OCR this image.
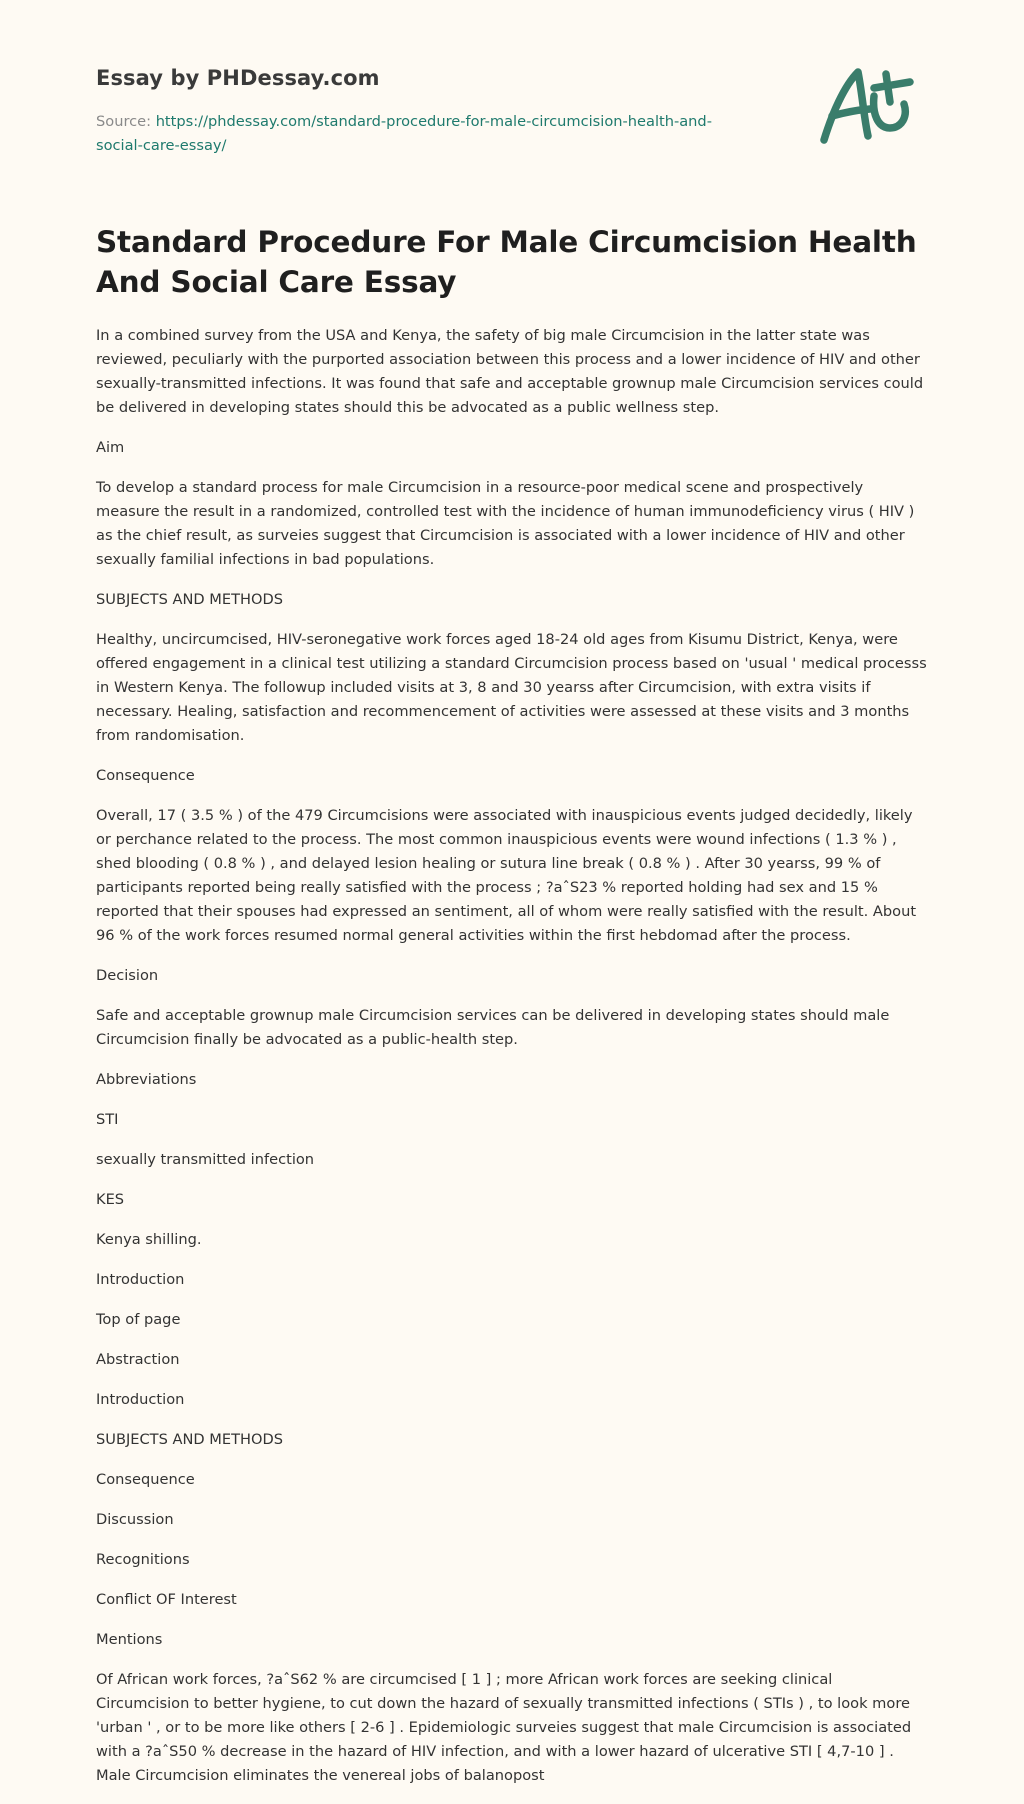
Essay by PHDessay.com
Source: https://phdessay.com/standard-procedure-for-male-circumcision-health-and-social-care-essay/
Standard Procedure For Male Circumcision Health And Social Care Essay

In a combined survey from the USA and Kenya, the safety of big male Circumcision in the latter state was reviewed, peculiarly with the purported association between this process and a lower incidence of HIV and other sexually-transmitted infections. It was found that safe and acceptable grownup male Circumcision services could be delivered in developing states should this be advocated as a public wellness step.

Aim

To develop a standard process for male Circumcision in a resource-poor medical scene and prospectively measure the result in a randomized, controlled test with the incidence of human immunodeficiency virus ( HIV ) as the chief result, as surveies suggest that Circumcision is associated with a lower incidence of HIV and other sexually familial infections in bad populations.

SUBJECTS AND METHODS

Healthy, uncircumcised, HIV-seronegative work forces aged 18-24 old ages from Kisumu District, Kenya, were offered engagement in a clinical test utilizing a standard Circumcision process based on 'usual ' medical processs in Western Kenya. The followup included visits at 3, 8 and 30 yearss after Circumcision, with extra visits if necessary. Healing, satisfaction and recommencement of activities were assessed at these visits and 3 months from randomisation.

Consequence

Overall, 17 ( 3.5 % ) of the 479 Circumcisions were associated with inauspicious events judged decidedly, likely or perchance related to the process. The most common inauspicious events were wound infections ( 1.3 % ) , shed blooding ( 0.8 % ) , and delayed lesion healing or sutura line break ( 0.8 % ) . After 30 yearss, 99 % of participants reported being really satisfied with the process ; ?aˆS23 % reported holding had sex and 15 % reported that their spouses had expressed an sentiment, all of whom were really satisfied with the result. About 96 % of the work forces resumed normal general activities within the first hebdomad after the process.

Decision

Safe and acceptable grownup male Circumcision services can be delivered in developing states should male Circumcision finally be advocated as a public-health step.

Abbreviations

STI

sexually transmitted infection

KES

Kenya shilling.

Introduction

Top of page

Abstraction

Introduction

SUBJECTS AND METHODS

Consequence

Discussion

Recognitions

Conflict OF Interest

Mentions

Of African work forces, ?aˆS62 % are circumcised [ 1 ] ; more African work forces are seeking clinical Circumcision to better hygiene, to cut down the hazard of sexually transmitted infections ( STIs ) , to look more 'urban ' , or to be more like others [ 2-6 ] . Epidemiologic surveies suggest that male Circumcision is associated with a ?aˆS50 % decrease in the hazard of HIV infection, and with a lower hazard of ulcerative STI [ 4,7-10 ] . Male Circumcision eliminates the venereal jobs of balanopost
